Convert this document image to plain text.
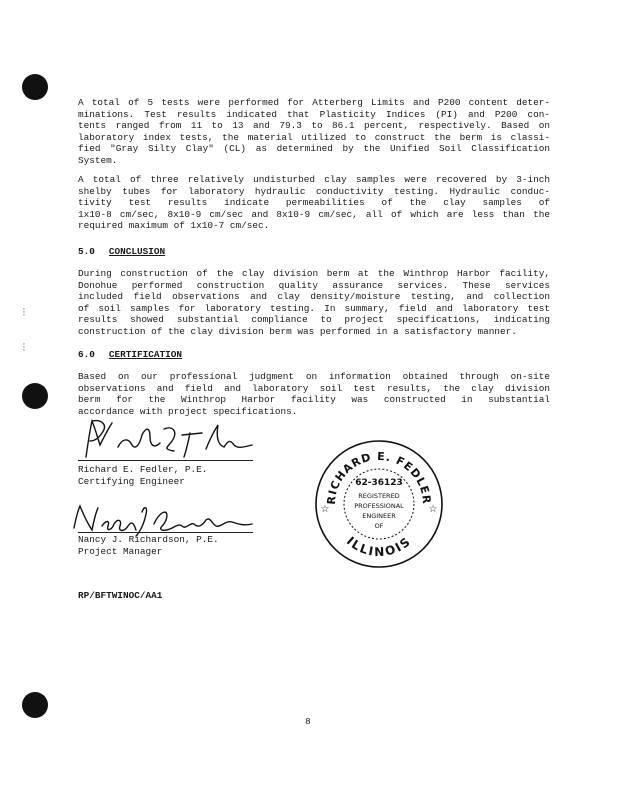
⁝
⁝

A total of 5 tests were performed for Atterberg Limits and P200 content deter-

minations. Test results indicated that Plasticity Indices (PI) and P200 con-

tents ranged from 11 to 13 and 79.3 to 86.1 percent, respectively. Based on

laboratory index tests, the material utilized to construct the berm is classi-

fied "Gray Silty Clay" (CL) as determined by the Unified Soil Classification

System.

A total of three relatively undisturbed clay samples were recovered by 3-inch

shelby tubes for laboratory hydraulic conductivity testing. Hydraulic conduc-

tivity test results indicate permeabilities of the clay samples of

1x10-8 cm/sec, 8x10-9 cm/sec and 8x10-9 cm/sec, all of which are less than the

required maximum of 1x10-7 cm/sec.

5.0 CONCLUSION

During construction of the clay division berm at the Winthrop Harbor facility,

Donohue performed construction quality assurance services. These services

included field observations and clay density/moisture testing, and collection

of soil samples for laboratory testing. In summary, field and laboratory test

results showed substantial compliance to project specifications, indicating

construction of the clay division berm was performed in a satisfactory manner.

6.0 CERTIFICATION

Based on our professional judgment on information obtained through on-site

observations and field and laboratory soil test results, the clay division

berm for the Winthrop Harbor facility was constructed in substantial

accordance with project specifications.

Richard E. Fedler, P.E.
Certifying Engineer
Nancy J. Richardson, P.E.
Project Manager
RICHARD E. FEDLER
ILLINOIS
62-36123
REGISTERED
PROFESSIONAL
ENGINEER
OF
☆	☆
RP/BFTWINOC/AA1
8
